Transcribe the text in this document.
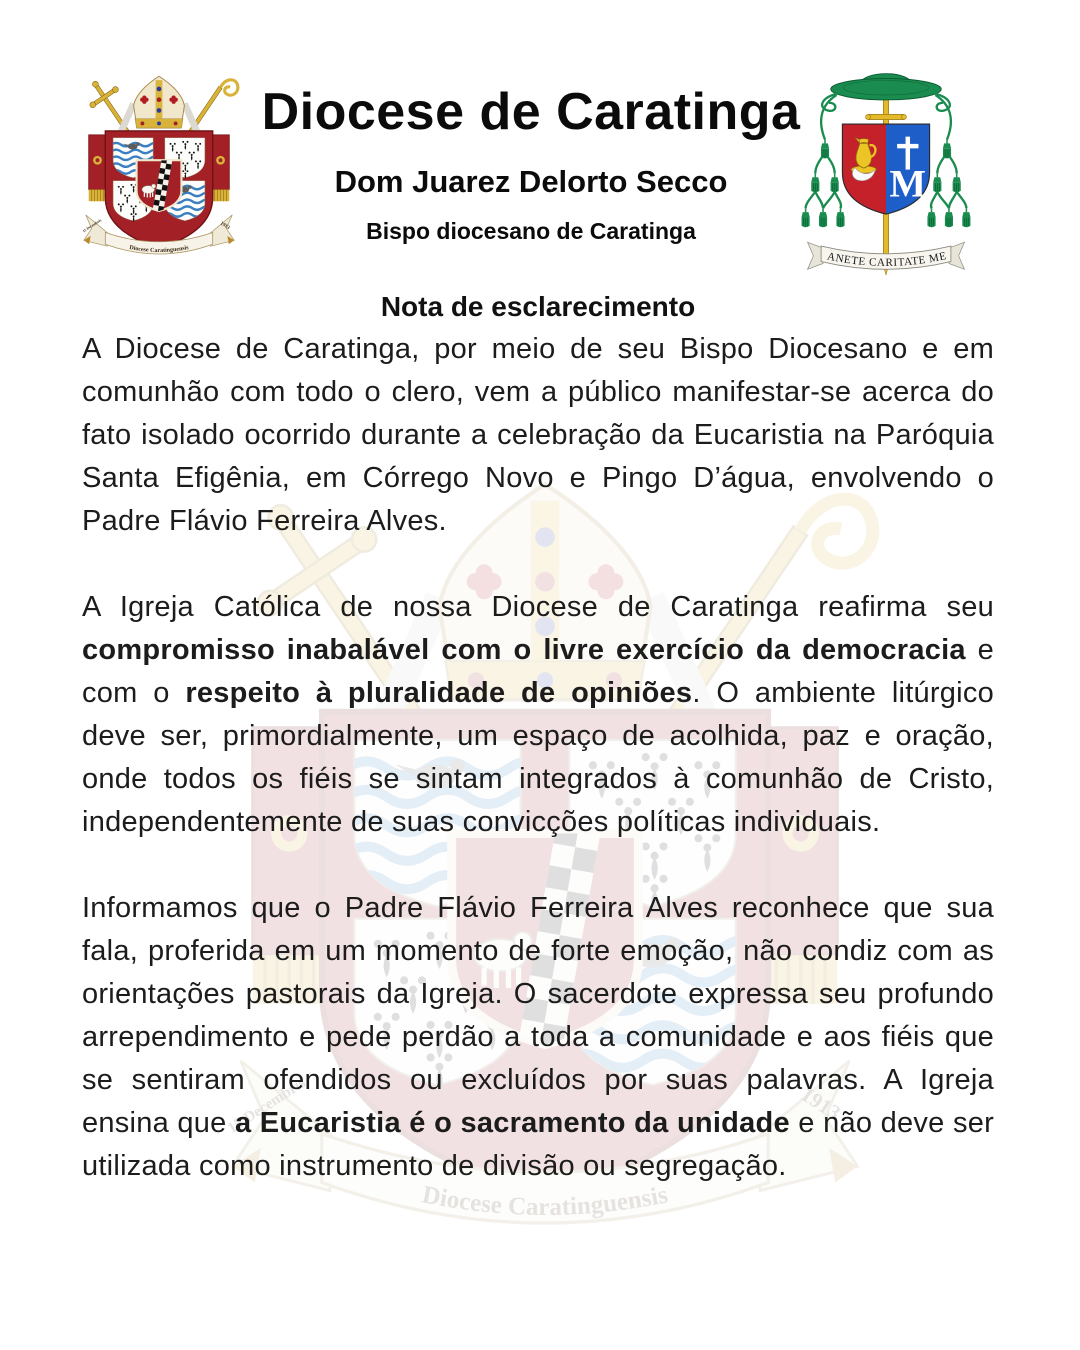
Diocese de Caratinga
Dom Juarez Delorto Secco
Bispo diocesano de Caratinga

Nota de esclarecimento

A Diocese de Caratinga, por meio de seu Bispo Diocesano e em comunhão com todo o clero, vem a público manifestar-se acerca do fato isolado ocorrido durante a celebração da Eucaristia na Paróquia Santa Efigênia, em Córrego Novo e Pingo D’água, envolvendo o Padre Flávio Ferreira Alves.

A Igreja Católica de nossa Diocese de Caratinga reafirma seu compromisso inabalável com o livre exercício da democracia e com o respeito à pluralidade de opiniões. O ambiente litúrgico deve ser, primordialmente, um espaço de acolhida, paz e oração, onde todos os fiéis se sintam integrados à comunhão de Cristo, independentemente de suas convicções políticas individuais.

Informamos que o Padre Flávio Ferreira Alves reconhece que sua fala, proferida em um momento de forte emoção, não condiz com as orientações pastorais da Igreja. O sacerdote expressa seu profundo arrependimento e pede perdão a toda a comunidade e aos fiéis que se sentiram ofendidos ou excluídos por suas palavras. A Igreja ensina que a Eucaristia é o sacramento da unidade e não deve ser utilizada como instrumento de divisão ou segregação.
